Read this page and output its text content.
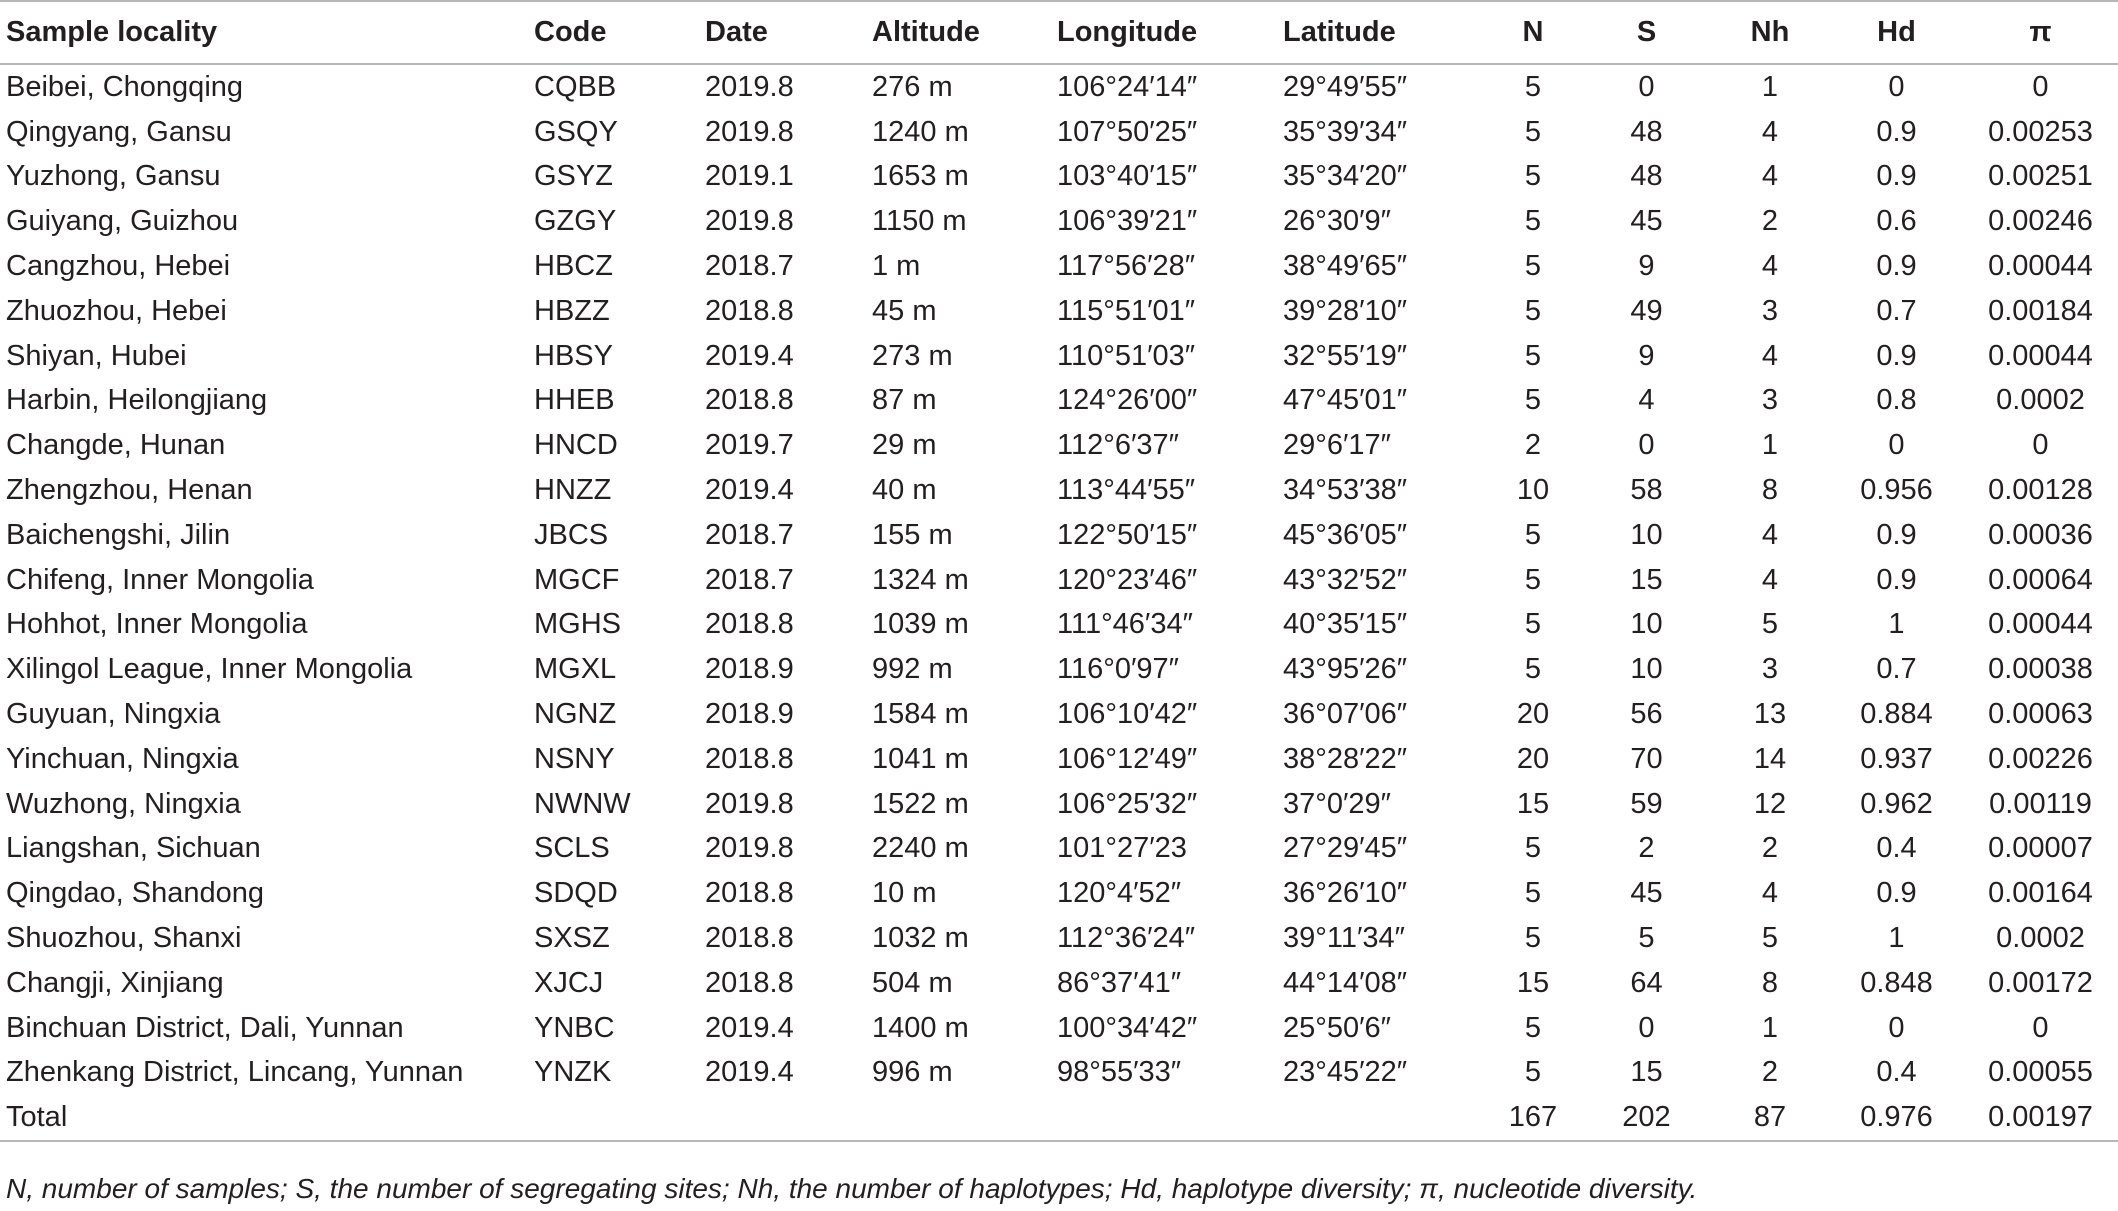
Sample locality	Code	Date	Altitude	Longitude	Latitude	N	S	Nh	Hd	π
Beibei, Chongqing	CQBB	2019.8	276 m	106°24′14″	29°49′55″	5	0	1	0	0
Qingyang, Gansu	GSQY	2019.8	1240 m	107°50′25″	35°39′34″	5	48	4	0.9	0.00253
Yuzhong, Gansu	GSYZ	2019.1	1653 m	103°40′15″	35°34′20″	5	48	4	0.9	0.00251
Guiyang, Guizhou	GZGY	2019.8	1150 m	106°39′21″	26°30′9″	5	45	2	0.6	0.00246
Cangzhou, Hebei	HBCZ	2018.7	1 m	117°56′28″	38°49′65″	5	9	4	0.9	0.00044
Zhuozhou, Hebei	HBZZ	2018.8	45 m	115°51′01″	39°28′10″	5	49	3	0.7	0.00184
Shiyan, Hubei	HBSY	2019.4	273 m	110°51′03″	32°55′19″	5	9	4	0.9	0.00044
Harbin, Heilongjiang	HHEB	2018.8	87 m	124°26′00″	47°45′01″	5	4	3	0.8	0.0002
Changde, Hunan	HNCD	2019.7	29 m	112°6′37″	29°6′17″	2	0	1	0	0
Zhengzhou, Henan	HNZZ	2019.4	40 m	113°44′55″	34°53′38″	10	58	8	0.956	0.00128
Baichengshi, Jilin	JBCS	2018.7	155 m	122°50′15″	45°36′05″	5	10	4	0.9	0.00036
Chifeng, Inner Mongolia	MGCF	2018.7	1324 m	120°23′46″	43°32′52″	5	15	4	0.9	0.00064
Hohhot, Inner Mongolia	MGHS	2018.8	1039 m	111°46′34″	40°35′15″	5	10	5	1	0.00044
Xilingol League, Inner Mongolia	MGXL	2018.9	992 m	116°0′97″	43°95′26″	5	10	3	0.7	0.00038
Guyuan, Ningxia	NGNZ	2018.9	1584 m	106°10′42″	36°07′06″	20	56	13	0.884	0.00063
Yinchuan, Ningxia	NSNY	2018.8	1041 m	106°12′49″	38°28′22″	20	70	14	0.937	0.00226
Wuzhong, Ningxia	NWNW	2019.8	1522 m	106°25′32″	37°0′29″	15	59	12	0.962	0.00119
Liangshan, Sichuan	SCLS	2019.8	2240 m	101°27′23	27°29′45″	5	2	2	0.4	0.00007
Qingdao, Shandong	SDQD	2018.8	10 m	120°4′52″	36°26′10″	5	45	4	0.9	0.00164
Shuozhou, Shanxi	SXSZ	2018.8	1032 m	112°36′24″	39°11′34″	5	5	5	1	0.0002
Changji, Xinjiang	XJCJ	2018.8	504 m	86°37′41″	44°14′08″	15	64	8	0.848	0.00172
Binchuan District, Dali, Yunnan	YNBC	2019.4	1400 m	100°34′42″	25°50′6″	5	0	1	0	0
Zhenkang District, Lincang, Yunnan	YNZK	2019.4	996 m	98°55′33″	23°45′22″	5	15	2	0.4	0.00055
Total						167	202	87	0.976	0.00197
N, number of samples; S, the number of segregating sites; Nh, the number of haplotypes; Hd, haplotype diversity; π, nucleotide diversity.
